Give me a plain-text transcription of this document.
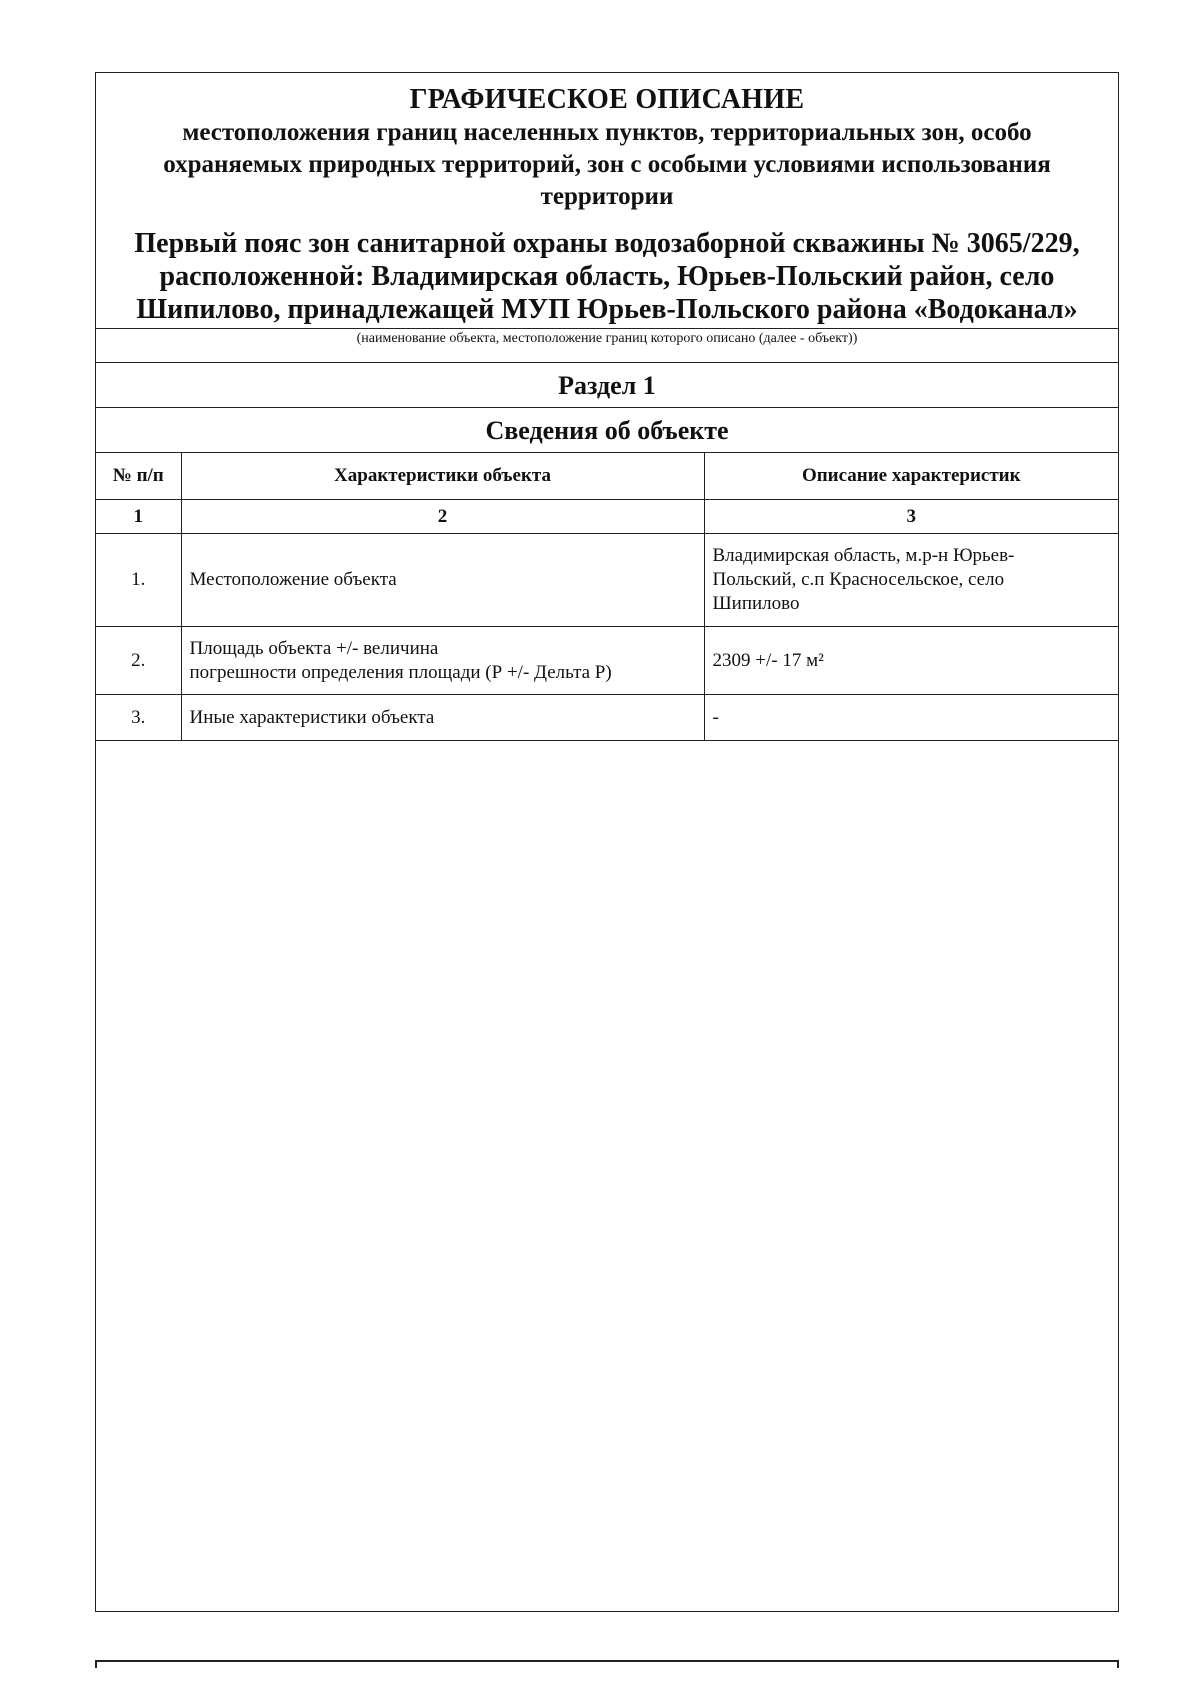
ГРАФИЧЕСКОЕ ОПИСАНИЕ

местоположения границ населенных пунктов, территориальных зон, особо
охраняемых природных территорий, зон с особыми условиями использования
территории

Первый пояс зон санитарной охраны водозаборной скважины № 3065/229,
расположенной: Владимирская область, Юрьев-Польский район, село
Шипилово, принадлежащей МУП Юрьев-Польского района «Водоканал»

(наименование объекта, местоположение границ которого описано (далее - объект))
Раздел 1
Сведения об объекте
№ п/п	Характеристики объекта	Описание характеристик
1	2	3
1.	Местоположение объекта	Владимирская область, м.р-н Юрьев-
Польский, с.п Красносельское, село
Шипилово
2.	Площадь объекта +/- величина
погрешности определения площади (Р +/- Дельта Р)	2309 +/- 17 м²
3.	Иные характеристики объекта	-
